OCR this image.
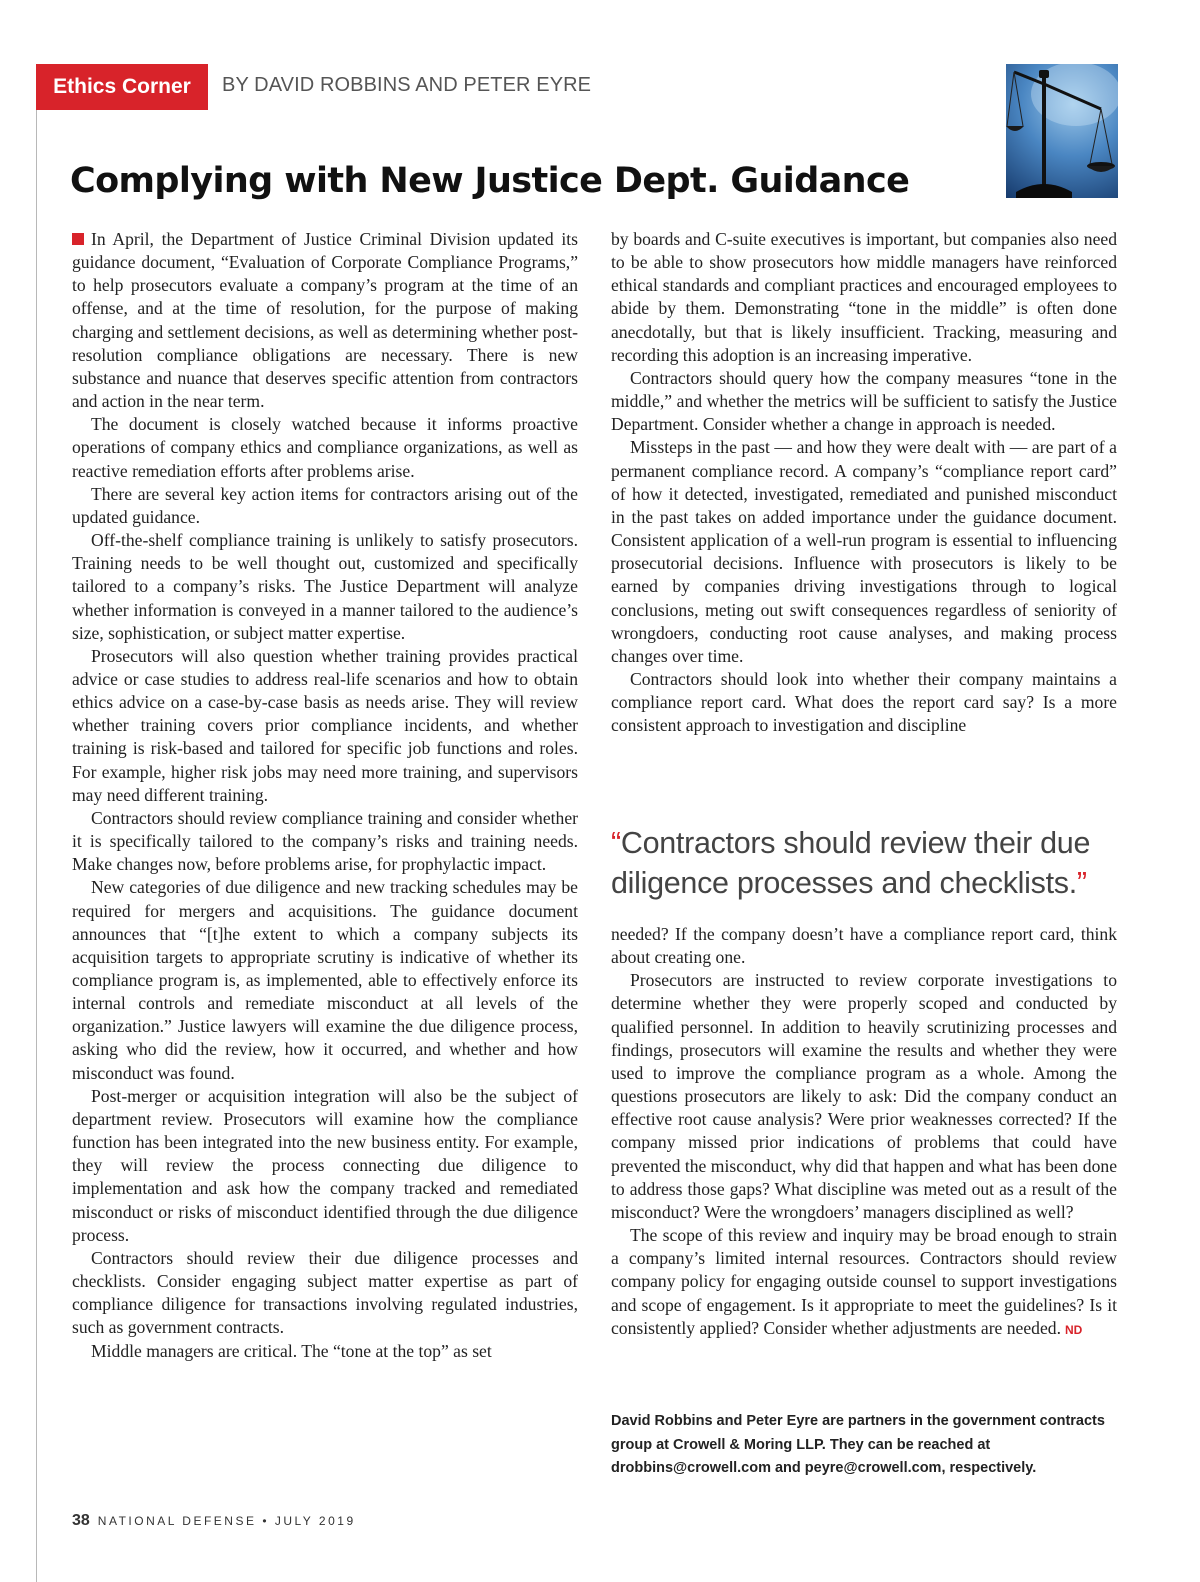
Ethics Corner	BY DAVID ROBBINS AND PETER EYRE
Complying with New Justice Dept. Guidance

In April, the Department of Justice Criminal Division updated its guidance document, “Evaluation of Corporate Compliance Programs,” to help prosecutors evaluate a company’s program at the time of an offense, and at the time of resolution, for the purpose of making charging and settlement decisions, as well as determining whether post-resolution compliance obligations are necessary. There is new substance and nuance that deserves specific attention from contractors and action in the near term.

The document is closely watched because it informs proactive operations of company ethics and compliance organizations, as well as reactive remediation efforts after problems arise.

There are several key action items for contractors arising out of the updated guidance.

Off-the-shelf compliance training is unlikely to satisfy prosecutors. Training needs to be well thought out, customized and specifically tailored to a company’s risks. The Justice Department will analyze whether information is conveyed in a manner tailored to the audience’s size, sophistication, or subject matter expertise.

Prosecutors will also question whether training provides practical advice or case studies to address real-life scenarios and how to obtain ethics advice on a case-by-case basis as needs arise. They will review whether training covers prior compliance incidents, and whether training is risk-based and tailored for specific job functions and roles. For example, higher risk jobs may need more training, and supervisors may need different training.

Contractors should review compliance training and consider whether it is specifically tailored to the company’s risks and training needs. Make changes now, before problems arise, for prophylactic impact.

New categories of due diligence and new tracking schedules may be required for mergers and acquisitions. The guidance document announces that “[t]he extent to which a company subjects its acquisition targets to appropriate scrutiny is indicative of whether its compliance program is, as implemented, able to effectively enforce its internal controls and remediate misconduct at all levels of the organization.” Justice lawyers will examine the due diligence process, asking who did the review, how it occurred, and whether and how misconduct was found.

Post-merger or acquisition integration will also be the subject of department review. Prosecutors will examine how the compliance function has been integrated into the new business entity. For example, they will review the process connecting due diligence to implementation and ask how the company tracked and remediated misconduct or risks of misconduct identified through the due diligence process.

Contractors should review their due diligence processes and checklists. Consider engaging subject matter expertise as part of compliance diligence for transactions involving regulated industries, such as government contracts.

Middle managers are critical. The “tone at the top” as set

by boards and C-suite executives is important, but companies also need to be able to show prosecutors how middle managers have reinforced ethical standards and compliant practices and encouraged employees to abide by them. Demonstrating “tone in the middle” is often done anecdotally, but that is likely insufficient. Tracking, measuring and recording this adoption is an increasing imperative.

Contractors should query how the company measures “tone in the middle,” and whether the metrics will be sufficient to satisfy the Justice Department. Consider whether a change in approach is needed.

Missteps in the past — and how they were dealt with — are part of a permanent compliance record. A company’s “compliance report card” of how it detected, investigated, remediated and punished misconduct in the past takes on added importance under the guidance document. Consistent application of a well-run program is essential to influencing prosecutorial decisions. Influence with prosecutors is likely to be earned by companies driving investigations through to logical conclusions, meting out swift consequences regardless of seniority of wrongdoers, conducting root cause analyses, and making process changes over time.

Contractors should look into whether their company maintains a compliance report card. What does the report card say? Is a more consistent approach to investigation and discipline

“Contractors should review their due diligence processes and checklists.”

needed? If the company doesn’t have a compliance report card, think about creating one.

Prosecutors are instructed to review corporate investigations to determine whether they were properly scoped and conducted by qualified personnel. In addition to heavily scrutinizing processes and findings, prosecutors will examine the results and whether they were used to improve the compliance program as a whole. Among the questions prosecutors are likely to ask: Did the company conduct an effective root cause analysis? Were prior weaknesses corrected? If the company missed prior indications of problems that could have prevented the misconduct, why did that happen and what has been done to address those gaps? What discipline was meted out as a result of the misconduct? Were the wrongdoers’ managers disciplined as well?

The scope of this review and inquiry may be broad enough to strain a company’s limited internal resources. Contractors should review company policy for engaging outside counsel to support investigations and scope of engagement. Is it appropriate to meet the guidelines? Is it consistently applied? Consider whether adjustments are needed. ND

David Robbins and Peter Eyre are partners in the government contracts group at Crowell & Moring LLP. They can be reached at drobbins@crowell.com and peyre@crowell.com, respectively.

38 NATIONAL DEFENSE • JULY 2019
